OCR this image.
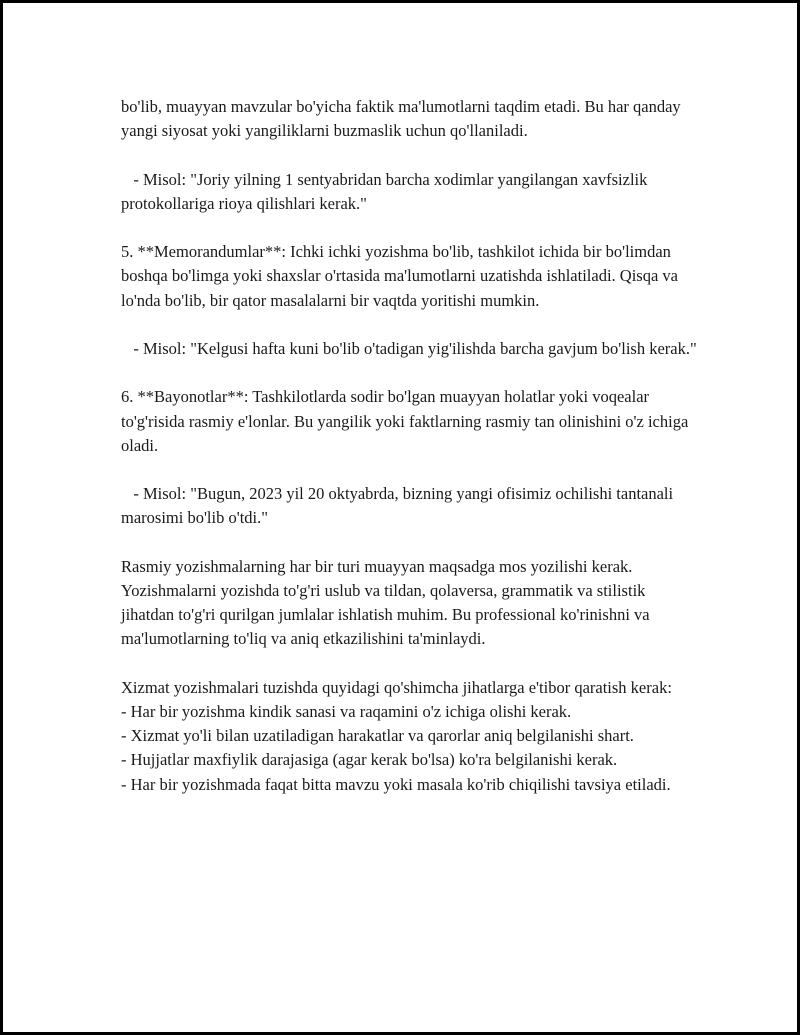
bo'lib, muayyan mavzular bo'yicha faktik ma'lumotlarni taqdim etadi. Bu har qanday yangi siyosat yoki yangiliklarni buzmaslik uchun qo'llaniladi.

- Misol: "Joriy yilning 1 sentyabridan barcha xodimlar yangilangan xavfsizlik protokollariga rioya qilishlari kerak."

5. **Memorandumlar**: Ichki ichki yozishma bo'lib, tashkilot ichida bir bo'limdan boshqa bo'limga yoki shaxslar o'rtasida ma'lumotlarni uzatishda ishlatiladi. Qisqa va lo'nda bo'lib, bir qator masalalarni bir vaqtda yoritishi mumkin.

- Misol: "Kelgusi hafta kuni bo'lib o'tadigan yig'ilishda barcha gavjum bo'lish kerak."

6. **Bayonotlar**: Tashkilotlarda sodir bo'lgan muayyan holatlar yoki voqealar to'g'risida rasmiy e'lonlar. Bu yangilik yoki faktlarning rasmiy tan olinishini o'z ichiga oladi.

- Misol: "Bugun, 2023 yil 20 oktyabrda, bizning yangi ofisimiz ochilishi tantanali marosimi bo'lib o'tdi."

Rasmiy yozishmalarning har bir turi muayyan maqsadga mos yozilishi kerak. Yozishmalarni yozishda to'g'ri uslub va tildan, qolaversa, grammatik va stilistik jihatdan to'g'ri qurilgan jumlalar ishlatish muhim. Bu professional ko'rinishni va ma'lumotlarning to'liq va aniq etkazilishini ta'minlaydi.

Xizmat yozishmalari tuzishda quyidagi qo'shimcha jihatlarga e'tibor qaratish kerak:

- Har bir yozishma kindik sanasi va raqamini o'z ichiga olishi kerak.

- Xizmat yo'li bilan uzatiladigan harakatlar va qarorlar aniq belgilanishi shart.

- Hujjatlar maxfiylik darajasiga (agar kerak bo'lsa) ko'ra belgilanishi kerak.

- Har bir yozishmada faqat bitta mavzu yoki masala ko'rib chiqilishi tavsiya etiladi.
